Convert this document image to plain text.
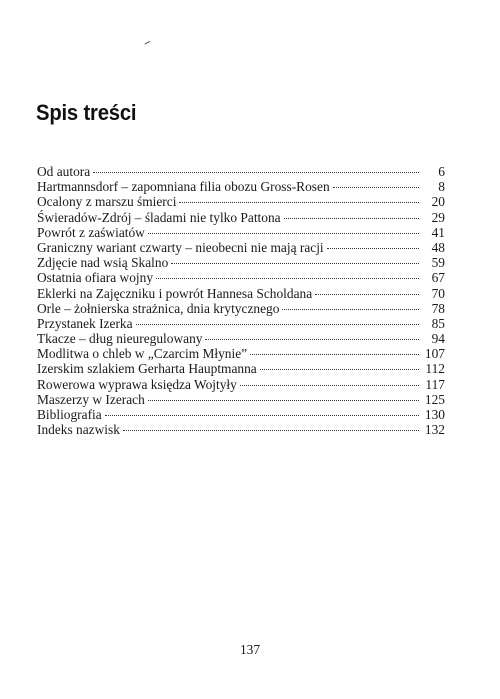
Spis treści
Od autora	6
Hartmannsdorf – zapomniana filia obozu Gross-Rosen	8
Ocalony z marszu śmierci	20
Świeradów-Zdrój – śladami nie tylko Pattona	29
Powrót z zaświatów	41
Graniczny wariant czwarty – nieobecni nie mają racji	48
Zdjęcie nad wsią Skalno	59
Ostatnia ofiara wojny	67
Eklerki na Zajęczniku i powrót Hannesa Scholdana	70
Orle – żołnierska strażnica, dnia krytycznego	78
Przystanek Izerka	85
Tkacze – dług nieuregulowany	94
Modlitwa o chleb w „Czarcim Młynie”	107
Izerskim szlakiem Gerharta Hauptmanna	112
Rowerowa wyprawa księdza Wojtyły	117
Maszerzy w Izerach	125
Bibliografia	130
Indeks nazwisk	132
137
